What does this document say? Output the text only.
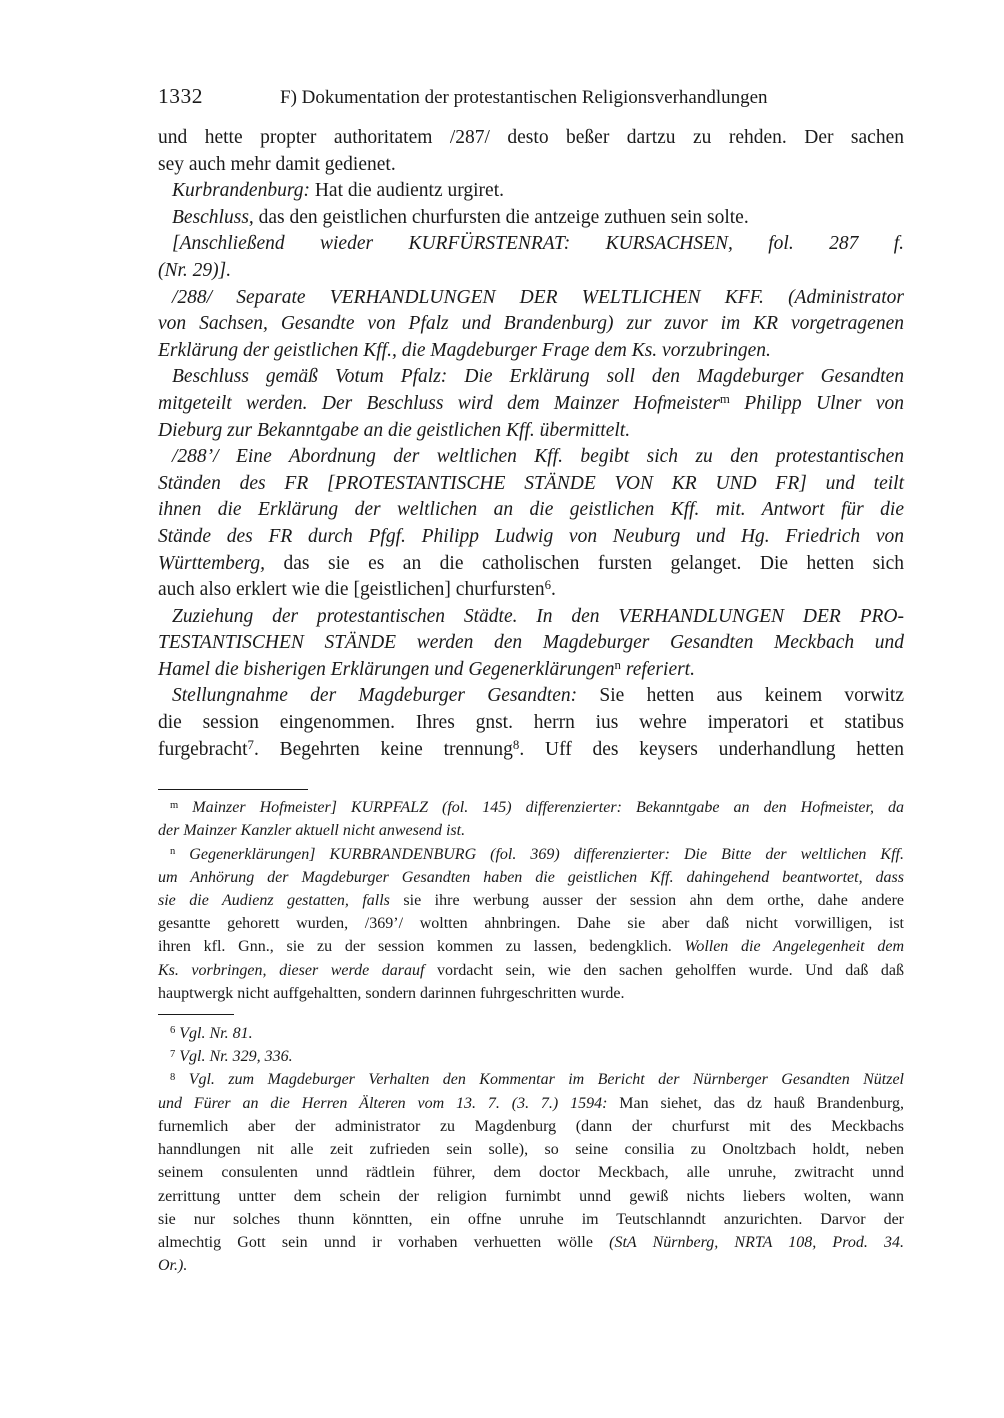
1332	F) Dokumentation der protestantischen Religionsverhandlungen
und hette propter authoritatem /287/ desto beßer dartzu zu rehden. Der sachen
sey auch mehr damit gedienet.
Kurbrandenburg: Hat die audientz urgiret.
Beschluss, das den geistlichen churfursten die antzeige zuthuen sein solte.
[Anschließend wieder KURFÜRSTENRAT: KURSACHSEN, fol. 287 f.
(Nr. 29)].
/288/ Separate VERHANDLUNGEN DER WELTLICHEN KFF. (Administrator
von Sachsen, Gesandte von Pfalz und Brandenburg) zur zuvor im KR vorgetragenen
Erklärung der geistlichen Kff., die Magdeburger Frage dem Ks. vorzubringen.
Beschluss gemäß Votum Pfalz: Die Erklärung soll den Magdeburger Gesandten
mitgeteilt werden. Der Beschluss wird dem Mainzer Hofmeister$^m$ Philipp Ulner von
Dieburg zur Bekanntgabe an die geistlichen Kff. übermittelt.
/288’/ Eine Abordnung der weltlichen Kff. begibt sich zu den protestantischen
Ständen des FR [PROTESTANTISCHE STÄNDE VON KR UND FR] und teilt
ihnen die Erklärung der weltlichen an die geistlichen Kff. mit. Antwort für die
Stände des FR durch Pfgf. Philipp Ludwig von Neuburg und Hg. Friedrich von
Württemberg, das sie es an die catholischen fursten gelanget. Die hetten sich
auch also erklert wie die [geistlichen] churfursten$^6$.
Zuziehung der protestantischen Städte. In den VERHANDLUNGEN DER PRO-
TESTANTISCHEN STÄNDE werden den Magdeburger Gesandten Meckbach und
Hamel die bisherigen Erklärungen und Gegenerklärungen$^n$ referiert.
Stellungnahme der Magdeburger Gesandten: Sie hetten aus keinem vorwitz
die session eingenommen. Ihres gnst. herrn ius wehre imperatori et statibus
furgebracht$^7$. Begehrten keine trennung$^8$. Uff des keysers underhandlung hetten
$^m$ Mainzer Hofmeister] KURPFALZ (fol. 145) differenzierter: Bekanntgabe an den Hofmeister, da
der Mainzer Kanzler aktuell nicht anwesend ist.
$^n$ Gegenerklärungen] KURBRANDENBURG (fol. 369) differenzierter: Die Bitte der weltlichen Kff.
um Anhörung der Magdeburger Gesandten haben die geistlichen Kff. dahingehend beantwortet, dass
sie die Audienz gestatten, falls sie ihre werbung ausser der session ahn dem orthe, dahe andere
gesantte gehorett wurden, /369’/ woltten ahnbringen. Dahe sie aber daß nicht vorwilligen, ist
ihren kfl. Gnn., sie zu der session kommen zu lassen, bedengklich. Wollen die Angelegenheit dem
Ks. vorbringen, dieser werde darauf vordacht sein, wie den sachen geholffen wurde. Und daß daß
hauptwergk nicht auffgehaltten, sondern darinnen fuhrgeschritten wurde.
$^6$ Vgl. Nr. 81.
$^7$ Vgl. Nr. 329, 336.
$^8$ Vgl. zum Magdeburger Verhalten den Kommentar im Bericht der Nürnberger Gesandten Nützel
und Fürer an die Herren Älteren vom 13. 7. (3. 7.) 1594: Man siehet, das dz hauß Brandenburg,
furnemlich aber der administrator zu Magdenburg (dann der churfurst mit des Meckbachs
hanndlungen nit alle zeit zufrieden sein solle), so seine consilia zu Onoltzbach holdt, neben
seinem consulenten unnd rädtlein führer, dem doctor Meckbach, alle unruhe, zwitracht unnd
zerrittung untter dem schein der religion furnimbt unnd gewiß nichts liebers wolten, wann
sie nur solches thunn könntten, ein offne unruhe im Teutschlanndt anzurichten. Darvor der
almechtig Gott sein unnd ir vorhaben verhuetten wölle (StA Nürnberg, NRTA 108, Prod. 34.
Or.).
